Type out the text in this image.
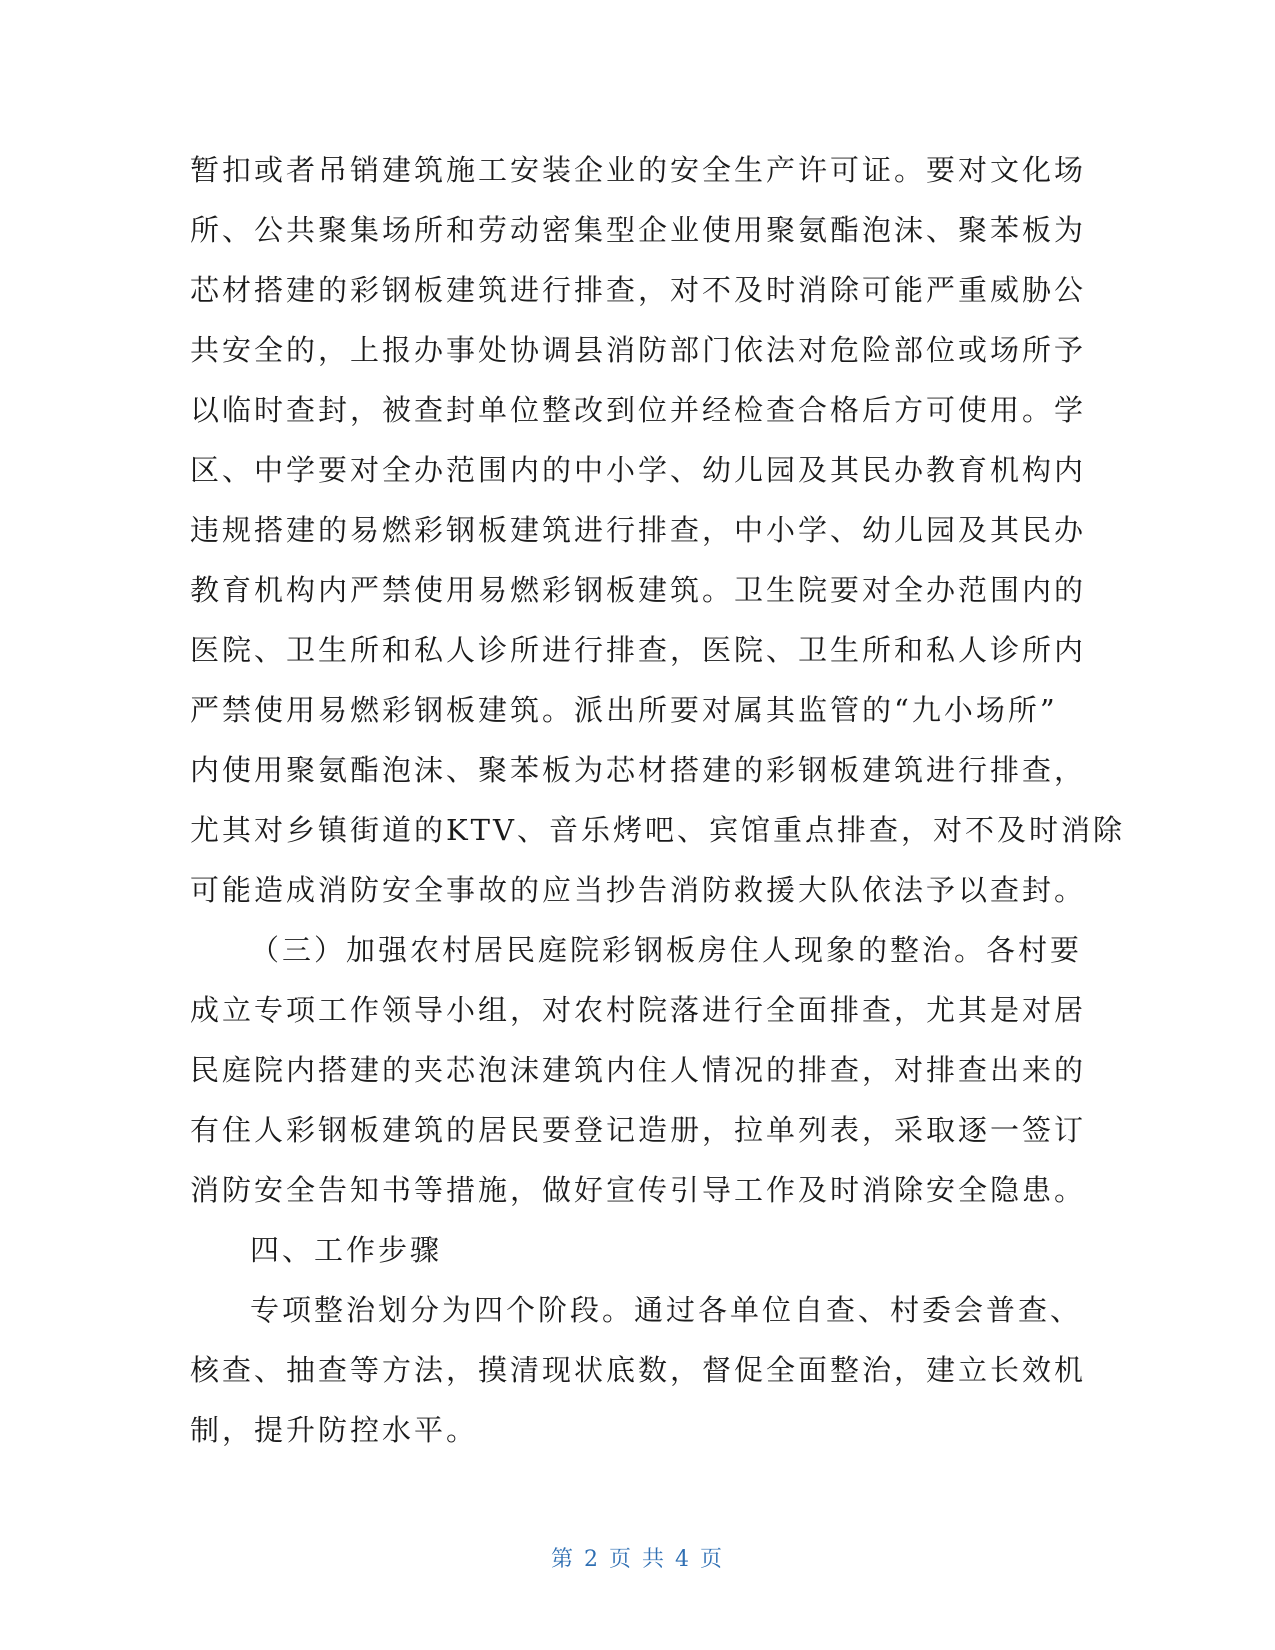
暂扣或者吊销建筑施工安装企业的安全生产许可证。要对文化场
所、公共聚集场所和劳动密集型企业使用聚氨酯泡沫、聚苯板为
芯材搭建的彩钢板建筑进行排查，对不及时消除可能严重威胁公
共安全的，上报办事处协调县消防部门依法对危险部位或场所予
以临时查封，被查封单位整改到位并经检查合格后方可使用。学
区、中学要对全办范围内的中小学、幼儿园及其民办教育机构内
违规搭建的易燃彩钢板建筑进行排查，中小学、幼儿园及其民办
教育机构内严禁使用易燃彩钢板建筑。卫生院要对全办范围内的
医院、卫生所和私人诊所进行排查，医院、卫生所和私人诊所内
严禁使用易燃彩钢板建筑。派出所要对属其监管的“九小场所”
内使用聚氨酯泡沫、聚苯板为芯材搭建的彩钢板建筑进行排查，
尤其对乡镇街道的KTV、音乐烤吧、宾馆重点排查，对不及时消除
可能造成消防安全事故的应当抄告消防救援大队依法予以查封。
（三）加强农村居民庭院彩钢板房住人现象的整治。各村要
成立专项工作领导小组，对农村院落进行全面排查，尤其是对居
民庭院内搭建的夹芯泡沫建筑内住人情况的排查，对排查出来的
有住人彩钢板建筑的居民要登记造册，拉单列表，采取逐一签订
消防安全告知书等措施，做好宣传引导工作及时消除安全隐患。
四、工作步骤
专项整治划分为四个阶段。通过各单位自查、村委会普查、
核查、抽查等方法，摸清现状底数，督促全面整治，建立长效机
制，提升防控水平。
第 2 页 共 4 页
